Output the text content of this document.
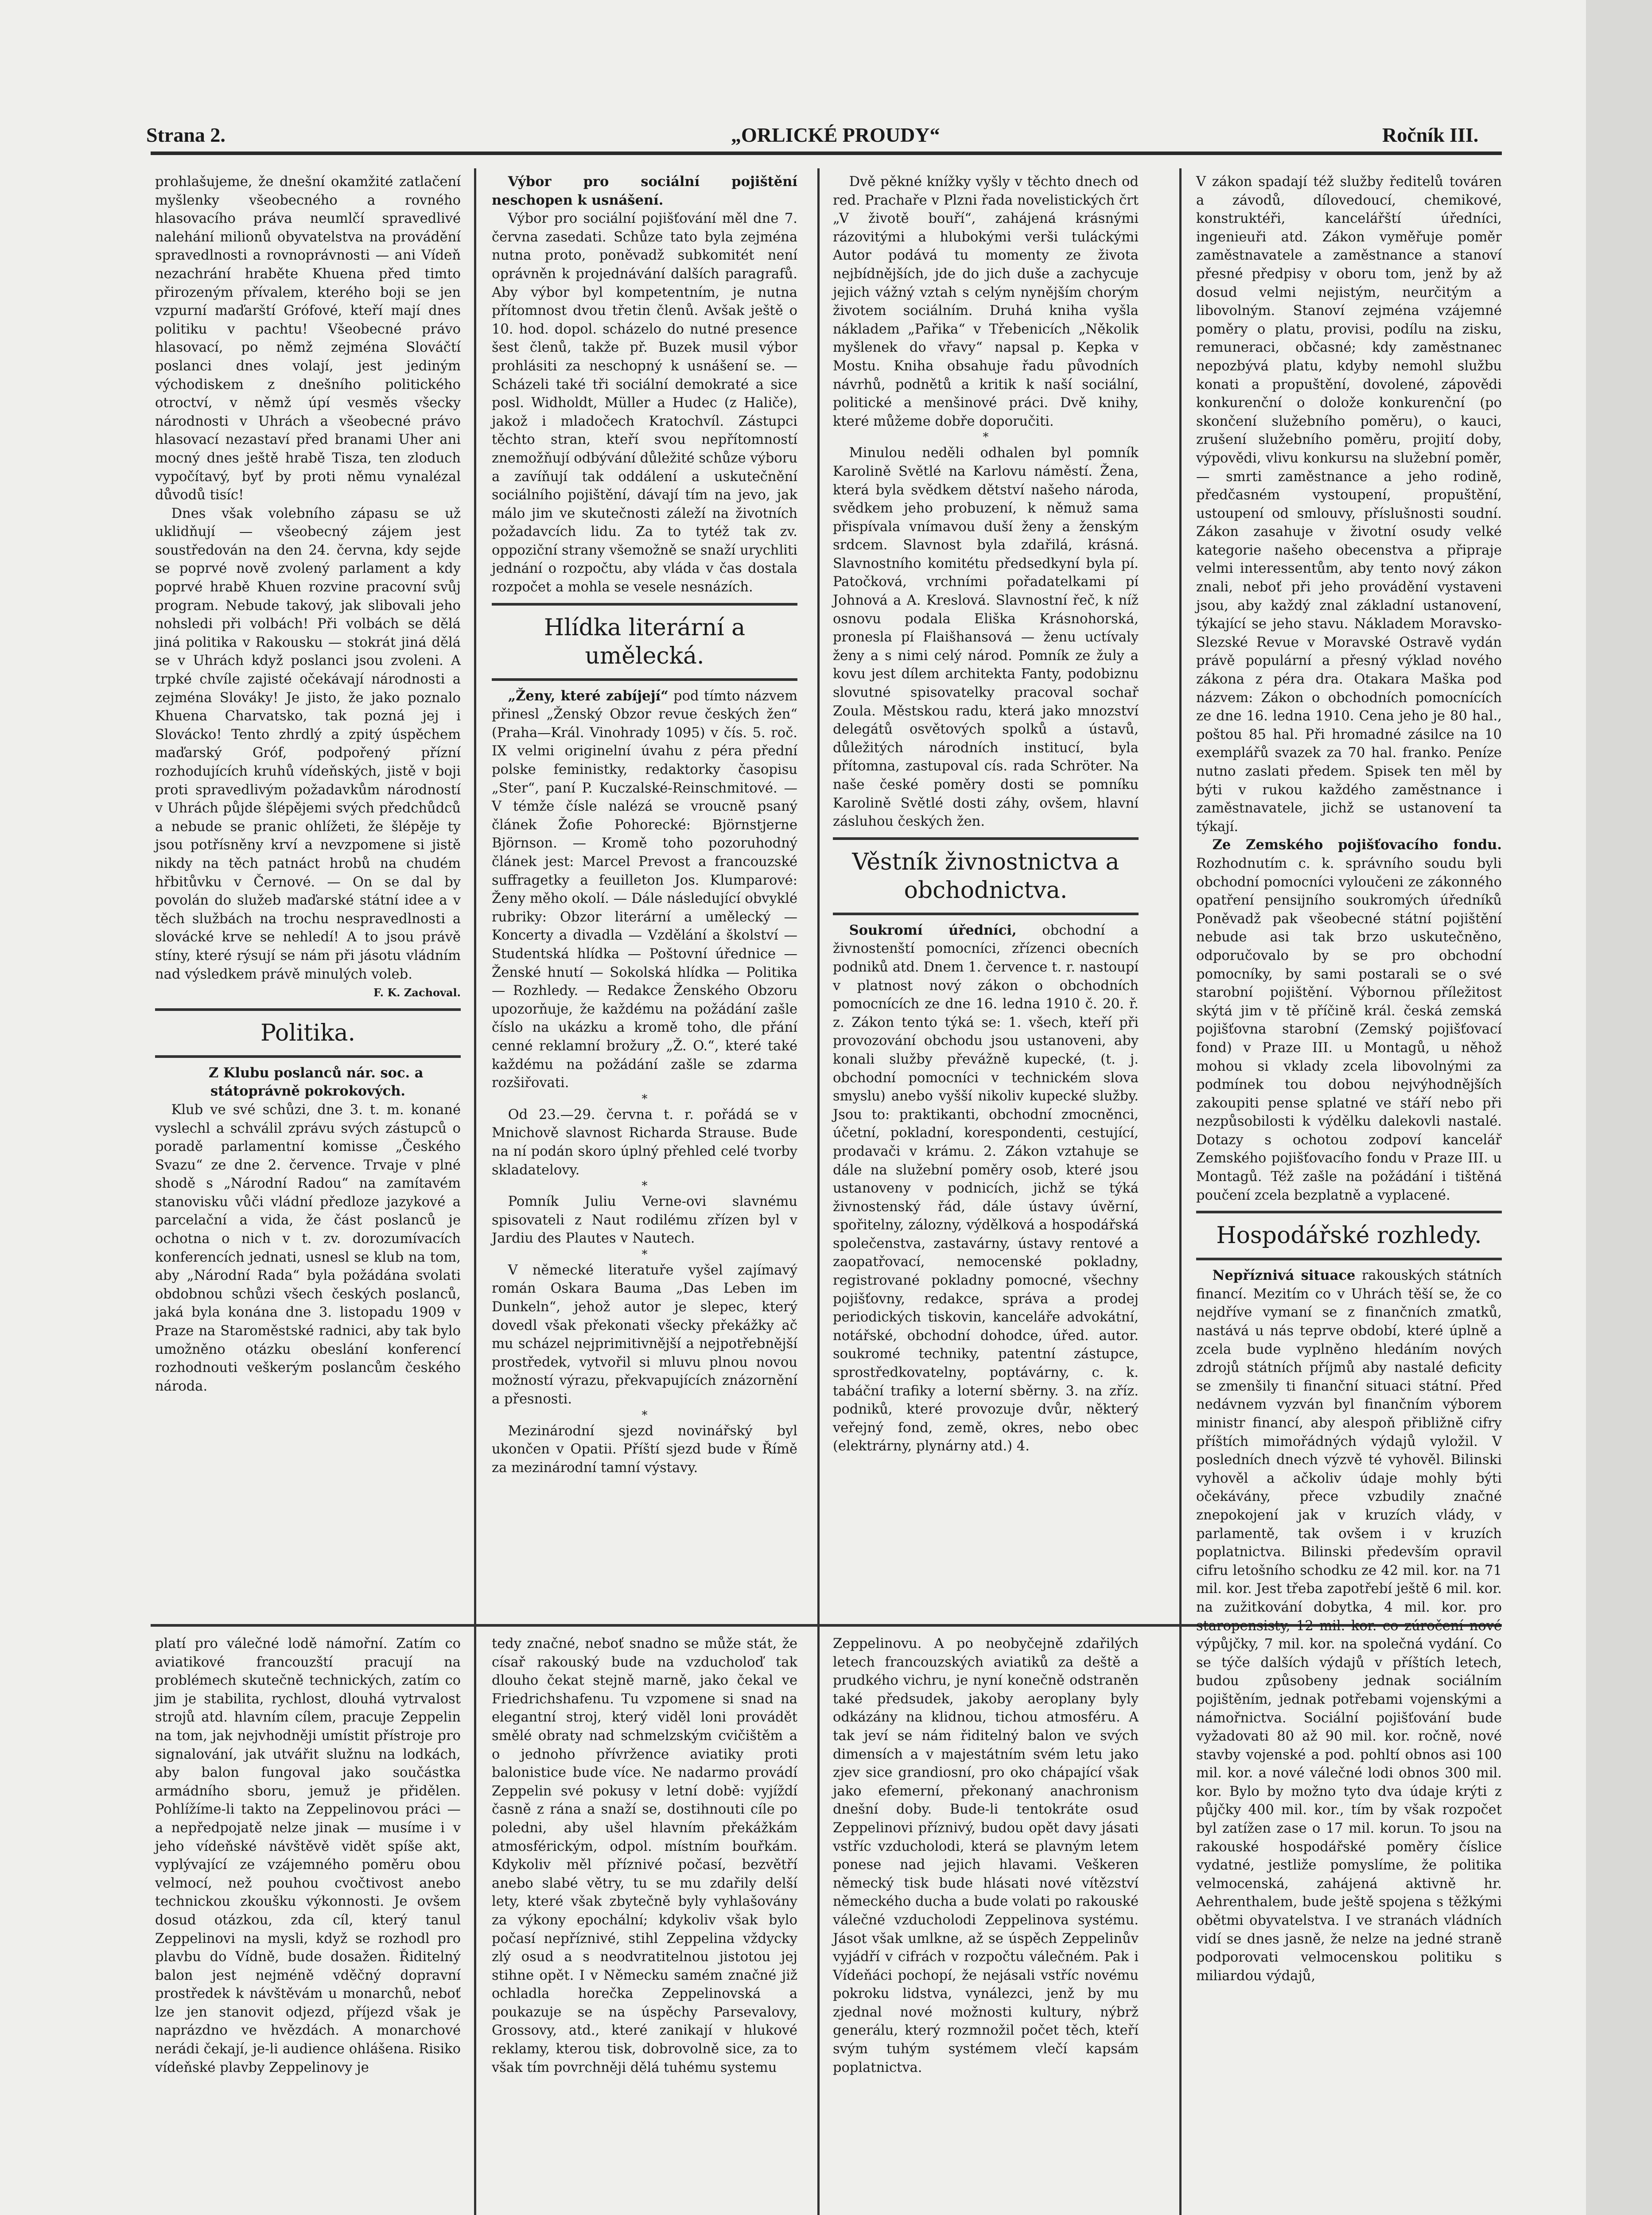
Strana 2.	„ORLICKÉ PROUDY“	Ročník III.

prohlašujeme, že dnešní okamžité zatlačení myšlenky všeobecného a rovného hlasovacího práva neumlčí spravedlivé nalehání milionů obyvatelstva na provádění spravedlnosti a rovnoprávnosti — ani Vídeň nezachrání hraběte Khuena před timto přirozeným přívalem, kterého boji se jen vzpurní maďarští Grófové, kteří mají dnes politiku v pachtu! Všeobecné právo hlasovací, po němž zejména Slováčtí poslanci dnes volají, jest jediným východiskem z dnešního politického otroctví, v němž úpí vesměs všecky národnosti v Uhrách a všeobecné právo hlasovací nezastaví před branami Uher ani mocný dnes ještě hrabě Tisza, ten zloduch vypočítavý, byť by proti němu vynalézal důvodů tisíc!

Dnes však volebního zápasu se už uklidňují — všeobecný zájem jest soustředován na den 24. června, kdy sejde se poprvé nově zvolený parlament a kdy poprvé hrabě Khuen rozvine pracovní svůj program. Nebude takový, jak slibovali jeho nohsledi při volbách! Při volbách se dělá jiná politika v Rakousku — stokrát jiná dělá se v Uhrách když poslanci jsou zvoleni. A trpké chvíle zajisté očekávají národnosti a zejména Slováky! Je jisto, že jako poznalo Khuena Charvatsko, tak pozná jej i Slovácko! Tento zhrdlý a zpitý úspěchem maďarský Gróf, podpořený přízní rozhodujících kruhů vídeňských, jistě v boji proti spravedlivým požadavkům národností v Uhrách půjde šlépějemi svých předchůdců a nebude se pranic ohlížeti, že šlépěje ty jsou potřísněny krví a nevzpomene si jistě nikdy na těch patnáct hrobů na chudém hřbitůvku v Černové. — On se dal by povolán do služeb maďarské státní idee a v těch službách na trochu nespravedlnosti a slovácké krve se nehledí! A to jsou právě stíny, které rýsují se nám při jásotu vládním nad výsledkem právě minulých voleb.

F. K. Zachoval.
Politika.

Z Klubu poslanců nár. soc. a státoprávně pokrokových.

Klub ve své schůzi, dne 3. t. m. konané vyslechl a schválil zprávu svých zástupců o poradě parlamentní komisse „Českého Svazu“ ze dne 2. července. Trvaje v plné shodě s „Národní Radou“ na zamítavém stanovisku vůči vládní předloze jazykové a parcelační a vida, že část poslanců je ochotna o nich v t. zv. dorozumívacích konferencích jednati, usnesl se klub na tom, aby „Národní Rada“ byla požádána svolati obdobnou schůzi všech českých poslanců, jaká byla konána dne 3. listopadu 1909 v Praze na Staroměstské radnici, aby tak bylo umožněno otázku obeslání konferencí rozhodnouti veškerým poslancům českého národa.

Výbor pro sociální pojištění neschopen k usnášení.

Výbor pro sociální pojišťování měl dne 7. června zasedati. Schůze tato byla zejména nutna proto, poněvadž subkomitét není oprávněn k projednávání dalších paragrafů. Aby výbor byl kompetentním, je nutna přítomnost dvou třetin členů. Avšak ještě o 10. hod. dopol. scházelo do nutné presence šest členů, takže př. Buzek musil výbor prohlásiti za neschopný k usnášení se. — Scházeli také tři sociální demokraté a sice posl. Widholdt, Müller a Hudec (z Haliče), jakož i mladočech Kratochvíl. Zástupci těchto stran, kteří svou nepřítomností znemožňují odbývání důležité schůze výboru a zavíňují tak oddálení a uskutečnění sociálního pojištění, dávají tím na jevo, jak málo jim ve skutečnosti záleží na životních požadavcích lidu. Za to tytéž tak zv. oppoziční strany všemožně se snaží urychliti jednání o rozpočtu, aby vláda v čas dostala rozpočet a mohla se vesele nesnázích.

Hlídka literární a umělecká.

„Ženy, které zabíjejí“ pod tímto názvem přinesl „Ženský Obzor revue českých žen“ (Praha—Král. Vinohrady 1095) v čís. 5. roč. IX velmi originelní úvahu z péra přední polske feministky, redaktorky časopisu „Ster“, paní P. Kuczalské-Reinschmitové. — V témže čísle nalézá se vroucně psaný článek Žofie Pohorecké: Björnstjerne Björnson. — Kromě toho pozoruhodný článek jest: Marcel Prevost a francouzské suffragetky a feuilleton Jos. Klumparové: Ženy měho okolí. — Dále následující obvyklé rubriky: Obzor literární a umělecký — Koncerty a divadla — Vzdělání a školství — Studentská hlídka — Poštovní úřednice — Ženské hnutí — Sokolská hlídka — Politika — Rozhledy. — Redakce Ženského Obzoru upozorňuje, že každému na požádání zašle číslo na ukázku a kromě toho, dle přání cenné reklamní brožury „Ž. O.“, které také každému na požádání zašle se zdarma rozšiřovati.

*

Od 23.—29. června t. r. pořádá se v Mnichově slavnost Richarda Strause. Bude na ní podán skoro úplný přehled celé tvorby skladatelovy.

*

Pomník Juliu Verne-ovi slavnému spisovateli z Naut rodilému zřízen byl v Jardiu des Plautes v Nautech.

*

V německé literatuře vyšel zajímavý román Oskara Bauma „Das Leben im Dunkeln“, jehož autor je slepec, který dovedl však překonati všecky překážky ač mu scházel nejprimitivnější a nejpotřebnější prostředek, vytvořil si mluvu plnou novou možností výrazu, překvapujících znázornění a přesnosti.

*

Mezinárodní sjezd novinářský byl ukončen v Opatii. Příští sjezd bude v Římě za mezinárodní tamní výstavy.

Dvě pěkné knížky vyšly v těchto dnech od red. Prachaře v Plzni řada novelistických črt „V životě bouří“, zahájená krásnými rázovitými a hlubokými verši tuláckými Autor podává tu momenty ze života nejbídnějších, jde do jich duše a zachycuje jejich vážný vztah s celým nynějším chorým životem sociálním. Druhá kniha vyšla nákladem „Pařika“ v Třebenicích „Několik myšlenek do vřavy“ napsal p. Kepka v Mostu. Kniha obsahuje řadu původních návrhů, podnětů a kritik k naší sociální, politické a menšinové práci. Dvě knihy, které můžeme dobře doporučiti.

*

Minulou neděli odhalen byl pomník Karolině Světlé na Karlovu náměstí. Žena, která byla svědkem dětství našeho národa, svědkem jeho probuzení, k němuž sama přispívala vnímavou duší ženy a ženským srdcem. Slavnost byla zdařilá, krásná. Slavnostního komitétu předsedkyní byla pí. Patočková, vrchními pořadatelkami pí Johnová a A. Kreslová. Slavnostní řeč, k níž osnovu podala Eliška Krásnohorská, pronesla pí Flaišhansová — ženu uctívaly ženy a s nimi celý národ. Pomník ze žuly a kovu jest dílem architekta Fanty, podobiznu slovutné spisovatelky pracoval sochař Zoula. Městskou radu, která jako mnozství delegátů osvětových spolků a ústavů, důležitých národních institucí, byla přítomna, zastupoval cís. rada Schröter. Na naše české poměry dosti se pomníku Karolině Světlé dosti záhy, ovšem, hlavní zásluhou českých žen.

Věstník živnostnictva a obchodnictva.

Soukromí úředníci, obchodní a živnostenští pomocníci, zřízenci obecních podniků atd. Dnem 1. července t. r. nastoupí v platnost nový zákon o obchodních pomocnících ze dne 16. ledna 1910 č. 20. ř. z. Zákon tento týká se: 1. všech, kteří při provozování obchodu jsou ustanoveni, aby konali služby převážně kupecké, (t. j. obchodní pomocníci v technickém slova smyslu) anebo vyšší nikoliv kupecké služby. Jsou to: praktikanti, obchodní zmocněnci, účetní, pokladní, korespondenti, cestující, prodavači v krámu. 2. Zákon vztahuje se dále na služební poměry osob, které jsou ustanoveny v podnicích, jichž se týká živnostenský řád, dále ústavy úvěrní, spořitelny, zálozny, výdělková a hospodářská společenstva, zastavárny, ústavy rentové a zaopatřovací, nemocenské pokladny, registrované pokladny pomocné, všechny pojišťovny, redakce, správa a prodej periodických tiskovin, kanceláře advokátní, notářské, obchodní dohodce, úřed. autor. soukromé techniky, patentní zástupce, sprostředkovatelny, poptávárny, c. k. tabáční trafiky a loterní sběrny. 3. na zříz. podniků, které provozuje dvůr, některý veřejný fond, země, okres, nebo obec (elektrárny, plynárny atd.) 4.

V zákon spadají též služby ředitelů továren a závodů, dílovedoucí, chemikové, konstruktéři, kancelářští úředníci, ingenieuři atd. Zákon vyměřuje poměr zaměstnavatele a zaměstnance a stanoví přesné předpisy v oboru tom, jenž by až dosud velmi nejistým, neurčitým a libovolným. Stanoví zejména vzájemné poměry o platu, provisi, podílu na zisku, remuneraci, občasné; kdy zaměstnanec nepozbývá platu, kdyby nemohl službu konati a propuštění, dovolené, zápovědi konkurenční o dolože konkurenční (po skončení služebního poměru), o kauci, zrušení služebního poměru, projití doby, výpovědi, vlivu konkursu na služební poměr, — smrti zaměstnance a jeho rodině, předčasném vystoupení, propuštění, ustoupení od smlouvy, příslušnosti soudní. Zákon zasahuje v životní osudy velké kategorie našeho obecenstva a připraje velmi interessentům, aby tento nový zákon znali, neboť při jeho provádění vystaveni jsou, aby každý znal základní ustanovení, týkající se jeho stavu. Nákladem Moravsko-Slezské Revue v Moravské Ostravě vydán právě populární a přesný výklad nového zákona z péra dra. Otakara Maška pod názvem: Zákon o obchodních pomocnících ze dne 16. ledna 1910. Cena jeho je 80 hal., poštou 85 hal. Při hromadné zásilce na 10 exemplářů svazek za 70 hal. franko. Peníze nutno zaslati předem. Spisek ten měl by býti v rukou každého zaměstnance i zaměstnavatele, jichž se ustanovení ta týkají.

Ze Zemského pojišťovacího fondu. Rozhodnutím c. k. správního soudu byli obchodní pomocníci vyloučeni ze zákonného opatření pensijního soukromých úředníků Poněvadž pak všeobecné státní pojištění nebude asi tak brzo uskutečněno, odporučovalo by se pro obchodní pomocníky, by sami postarali se o své starobní pojištění. Výbornou příležitost skýtá jim v tě příčině král. česká zemská pojišťovna starobní (Zemský pojišťovací fond) v Praze III. u Montagů, u něhož mohou si vklady zcela libovolnými za podmínek tou dobou nejvýhodnějších zakoupiti pense splatné ve stáří nebo při nezpůsobilosti k výdělku dalekovli nastalé. Dotazy s ochotou zodpoví kancelář Zemského pojišťovacího fondu v Praze III. u Montagů. Též zašle na požádání i tištěná poučení zcela bezplatně a vyplacené.

Hospodářské rozhledy.

Nepříznivá situace rakouských státních financí. Mezitím co v Uhrách těší se, že co nejdříve vymaní se z finančních zmatků, nastává u nás teprve období, které úplně a zcela bude vyplněno hledáním nových zdrojů státních příjmů aby nastalé deficity se zmenšily ti finanční situaci státní. Před nedávnem vyzván byl finančním výborem ministr financí, aby alespoň přibližně cifry příštích mimořádných výdajů vyložil. V posledních dnech výzvě té vyhověl. Bilinski vyhověl a ačkoliv údaje mohly býti očekávány, přece vzbudily značné znepokojení jak v kruzích vlády, v parlamentě, tak ovšem i v kruzích poplatnictva. Bilinski především opravil cifru letošního schodku ze 42 mil. kor. na 71 mil. kor. Jest třeba zapotřebí ještě 6 mil. kor. na zužitkování dobytka, 4 mil. kor. pro staropensisty, 12 mil. kor. co zúročení nové výpůjčky, 7 mil. kor. na společná vydání. Co se týče dalších výdajů v příštích letech, budou způsobeny jednak sociálním pojištěním, jednak potřebami vojenskými a námořnictva. Sociální pojišťování bude vyžadovati 80 až 90 mil. kor. ročně, nové stavby vojenské a pod. pohltí obnos asi 100 mil. kor. a nové válečné lodi obnos 300 mil. kor. Bylo by možno tyto dva údaje krýti z půjčky 400 mil. kor., tím by však rozpočet byl zatížen zase o 17 mil. korun. To jsou na rakouské hospodářské poměry číslice vydatné, jestliže pomyslíme, že politika velmocenská, zahájená aktivně hr. Aehrenthalem, bude ještě spojena s těžkými obětmi obyvatelstva. I ve stranách vládních vidí se dnes jasně, že nelze na jedné straně podporovati velmocenskou politiku s miliardou výdajů,

platí pro válečné lodě námořní. Zatím co aviatikové francouzští pracují na problémech skutečně technických, zatím co jim je stabilita, rychlost, dlouhá vytrvalost strojů atd. hlavním cílem, pracuje Zeppelin na tom, jak nejvhodněji umístit přístroje pro signalování, jak utvářit služnu na lodkách, aby balon fungoval jako součástka armádního sboru, jemuž je přidělen. Pohlížíme-li takto na Zeppelinovou práci — a nepředpojatě nelze jinak — musíme i v jeho vídeňské návštěvě vidět spíše akt, vyplývající ze vzájemného poměru obou velmocí, než pouhou cvočtivost anebo technickou zkoušku výkonnosti. Je ovšem dosud otázkou, zda cíl, který tanul Zeppelinovi na mysli, když se rozhodl pro plavbu do Vídně, bude dosažen. Řiditelný balon jest nejméně vděčný dopravní prostředek k návštěvám u monarchů, neboť lze jen stanovit odjezd, příjezd však je naprázdno ve hvězdách. A monarchové nerádi čekají, je-li audience ohlášena. Risiko vídeňské plavby Zeppelinovy je

tedy značné, neboť snadno se může stát, že císař rakouský bude na vzducholoď tak dlouho čekat stejně marně, jako čekal ve Friedrichshafenu. Tu vzpomene si snad na elegantní stroj, který viděl loni provádět smělé obraty nad schmelzským cvičištěm a o jednoho přívržence aviatiky proti balonistice bude více. Ne nadarmo provádí Zeppelin své pokusy v letní době: vyjíždí časně z rána a snaží se, dostihnouti cíle po poledni, aby ušel hlavním překážkám atmosférickým, odpol. místním bouřkám. Kdykoliv měl příznivé počasí, bezvětří anebo slabé větry, tu se mu zdařily delší lety, které však zbytečně byly vyhlašovány za výkony epochální; kdykoliv však bylo počasí nepříznivé, stihl Zeppelina vždycky zlý osud a s neodvratitelnou jistotou jej stihne opět. I v Německu samém značné již ochladla horečka Zeppelinovská a poukazuje se na úspěchy Parsevalovy, Grossovy, atd., které zanikají v hlukové reklamy, kterou tisk, dobrovolně sice, za to však tím povrchněji dělá tuhému systemu

Zeppelinovu. A po neobyčejně zdařilých letech francouzských aviatiků za deště a prudkého vichru, je nyní konečně odstraněn také předsudek, jakoby aeroplany byly odkázány na klidnou, tichou atmosféru. A tak jeví se nám řiditelný balon ve svých dimensích a v majestátním svém letu jako zjev sice grandiosní, pro oko chápající však jako efemerní, překonaný anachronism dnešní doby. Bude-li tentokráte osud Zeppelinovi příznivý, budou opět davy jásati vstříc vzducholodi, která se plavným letem ponese nad jejich hlavami. Veškeren německý tisk bude hlásati nové vítězství německého ducha a bude volati po rakouské válečné vzducholodi Zeppelinova systému. Jásot však umlkne, až se úspěch Zeppelinův vyjádří v cifrách v rozpočtu válečném. Pak i Vídeňáci pochopí, že nejásali vstříc novému pokroku lidstva, vynálezci, jenž by mu zjednal nové možnosti kultury, nýbrž generálu, který rozmnožil počet těch, kteří svým tuhým systémem vlečí kapsám poplatnictva.
